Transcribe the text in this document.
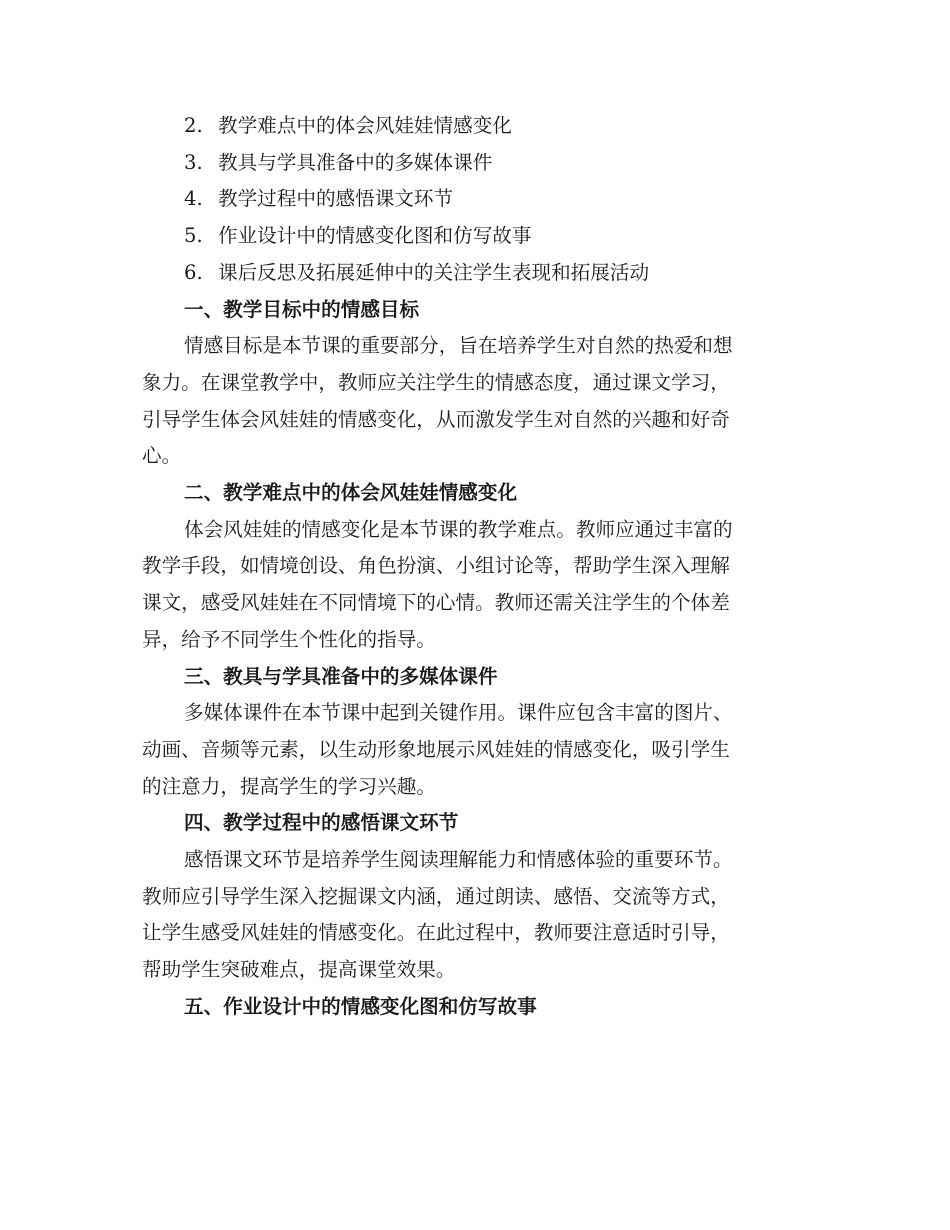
2. 教学难点中的体会风娃娃情感变化

3. 教具与学具准备中的多媒体课件

4. 教学过程中的感悟课文环节

5. 作业设计中的情感变化图和仿写故事

6. 课后反思及拓展延伸中的关注学生表现和拓展活动

一、教学目标中的情感目标

情感目标是本节课的重要部分，旨在培养学生对自然的热爱和想

象力。在课堂教学中，教师应关注学生的情感态度，通过课文学习，

引导学生体会风娃娃的情感变化，从而激发学生对自然的兴趣和好奇

心。

二、教学难点中的体会风娃娃情感变化

体会风娃娃的情感变化是本节课的教学难点。教师应通过丰富的

教学手段，如情境创设、角色扮演、小组讨论等，帮助学生深入理解

课文，感受风娃娃在不同情境下的心情。教师还需关注学生的个体差

异，给予不同学生个性化的指导。

三、教具与学具准备中的多媒体课件

多媒体课件在本节课中起到关键作用。课件应包含丰富的图片、

动画、音频等元素，以生动形象地展示风娃娃的情感变化，吸引学生

的注意力，提高学生的学习兴趣。

四、教学过程中的感悟课文环节

感悟课文环节是培养学生阅读理解能力和情感体验的重要环节。

教师应引导学生深入挖掘课文内涵，通过朗读、感悟、交流等方式，

让学生感受风娃娃的情感变化。在此过程中，教师要注意适时引导，

帮助学生突破难点，提高课堂效果。

五、作业设计中的情感变化图和仿写故事
